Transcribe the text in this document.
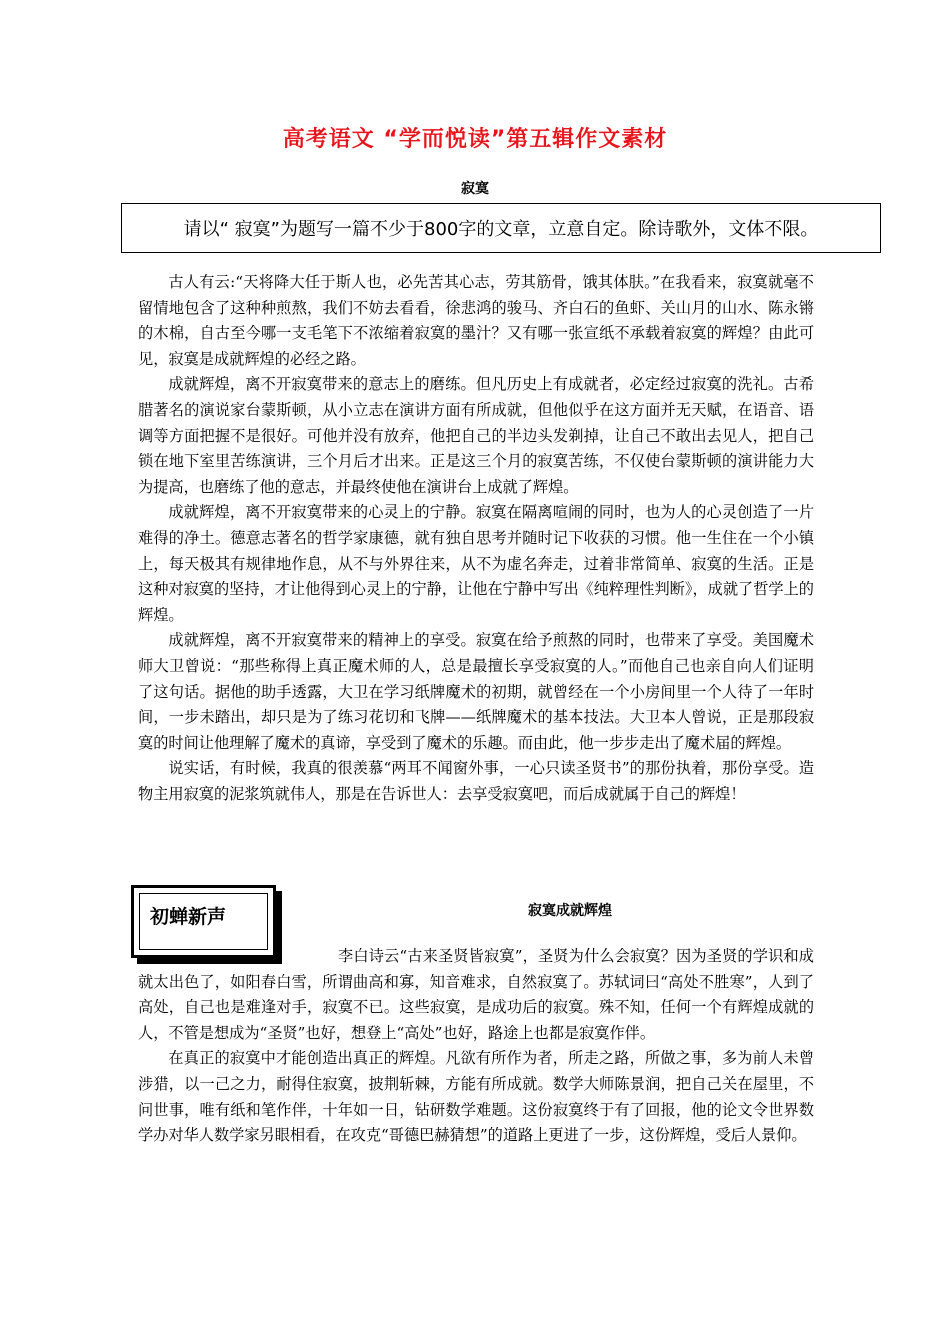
高考语文 “学而悦读”第五辑作文素材
寂寞
请以“ 寂寞”为题写一篇不少于800字的文章，立意自定。除诗歌外，文体不限。

古人有云:“天将降大任于斯人也，必先苦其心志，劳其筋骨，饿其体肤。”在我看来，寂寞就毫不留情地包含了这种种煎熬，我们不妨去看看，徐悲鸿的骏马、齐白石的鱼虾、关山月的山水、陈永锵的木棉，自古至今哪一支毛笔下不浓缩着寂寞的墨汁？又有哪一张宣纸不承载着寂寞的辉煌？由此可见，寂寞是成就辉煌的必经之路。

成就辉煌，离不开寂寞带来的意志上的磨练。但凡历史上有成就者，必定经过寂寞的洗礼。古希腊著名的演说家台蒙斯顿，从小立志在演讲方面有所成就，但他似乎在这方面并无天赋，在语音、语调等方面把握不是很好。可他并没有放弃，他把自己的半边头发剃掉，让自己不敢出去见人，把自己锁在地下室里苦练演讲，三个月后才出来。正是这三个月的寂寞苦练，不仅使台蒙斯顿的演讲能力大为提高，也磨练了他的意志，并最终使他在演讲台上成就了辉煌。

成就辉煌，离不开寂寞带来的心灵上的宁静。寂寞在隔离喧闹的同时，也为人的心灵创造了一片难得的净土。德意志著名的哲学家康德，就有独自思考并随时记下收获的习惯。他一生住在一个小镇上，每天极其有规律地作息，从不与外界往来，从不为虚名奔走，过着非常简单、寂寞的生活。正是这种对寂寞的坚持，才让他得到心灵上的宁静，让他在宁静中写出《纯粹理性判断》，成就了哲学上的辉煌。

成就辉煌，离不开寂寞带来的精神上的享受。寂寞在给予煎熬的同时，也带来了享受。美国魔术师大卫曾说：“那些称得上真正魔术师的人，总是最擅长享受寂寞的人。”而他自己也亲自向人们证明了这句话。据他的助手透露，大卫在学习纸牌魔术的初期，就曾经在一个小房间里一个人待了一年时间，一步未踏出，却只是为了练习花切和飞牌——纸牌魔术的基本技法。大卫本人曾说，正是那段寂寞的时间让他理解了魔术的真谛，享受到了魔术的乐趣。而由此，他一步步走出了魔术届的辉煌。

说实话，有时候，我真的很羡慕“两耳不闻窗外事，一心只读圣贤书”的那份执着，那份享受。造物主用寂寞的泥浆筑就伟人，那是在告诉世人：去享受寂寞吧，而后成就属于自己的辉煌！

初蝉新声	寂寞成就辉煌

李白诗云“古来圣贤皆寂寞”，圣贤为什么会寂寞？因为圣贤的学识和成就太出色了，如阳春白雪，所谓曲高和寡，知音难求，自然寂寞了。苏轼词曰“高处不胜寒”，人到了高处，自己也是难逢对手，寂寞不已。这些寂寞，是成功后的寂寞。殊不知，任何一个有辉煌成就的人，不管是想成为“圣贤”也好，想登上“高处”也好，路途上也都是寂寞作伴。

在真正的寂寞中才能创造出真正的辉煌。凡欲有所作为者，所走之路，所做之事，多为前人未曾涉猎，以一己之力，耐得住寂寞，披荆斩棘，方能有所成就。数学大师陈景润，把自己关在屋里，不问世事，唯有纸和笔作伴，十年如一日，钻研数学难题。这份寂寞终于有了回报，他的论文令世界数学办对华人数学家另眼相看，在攻克“哥德巴赫猜想”的道路上更进了一步，这份辉煌，受后人景仰。
